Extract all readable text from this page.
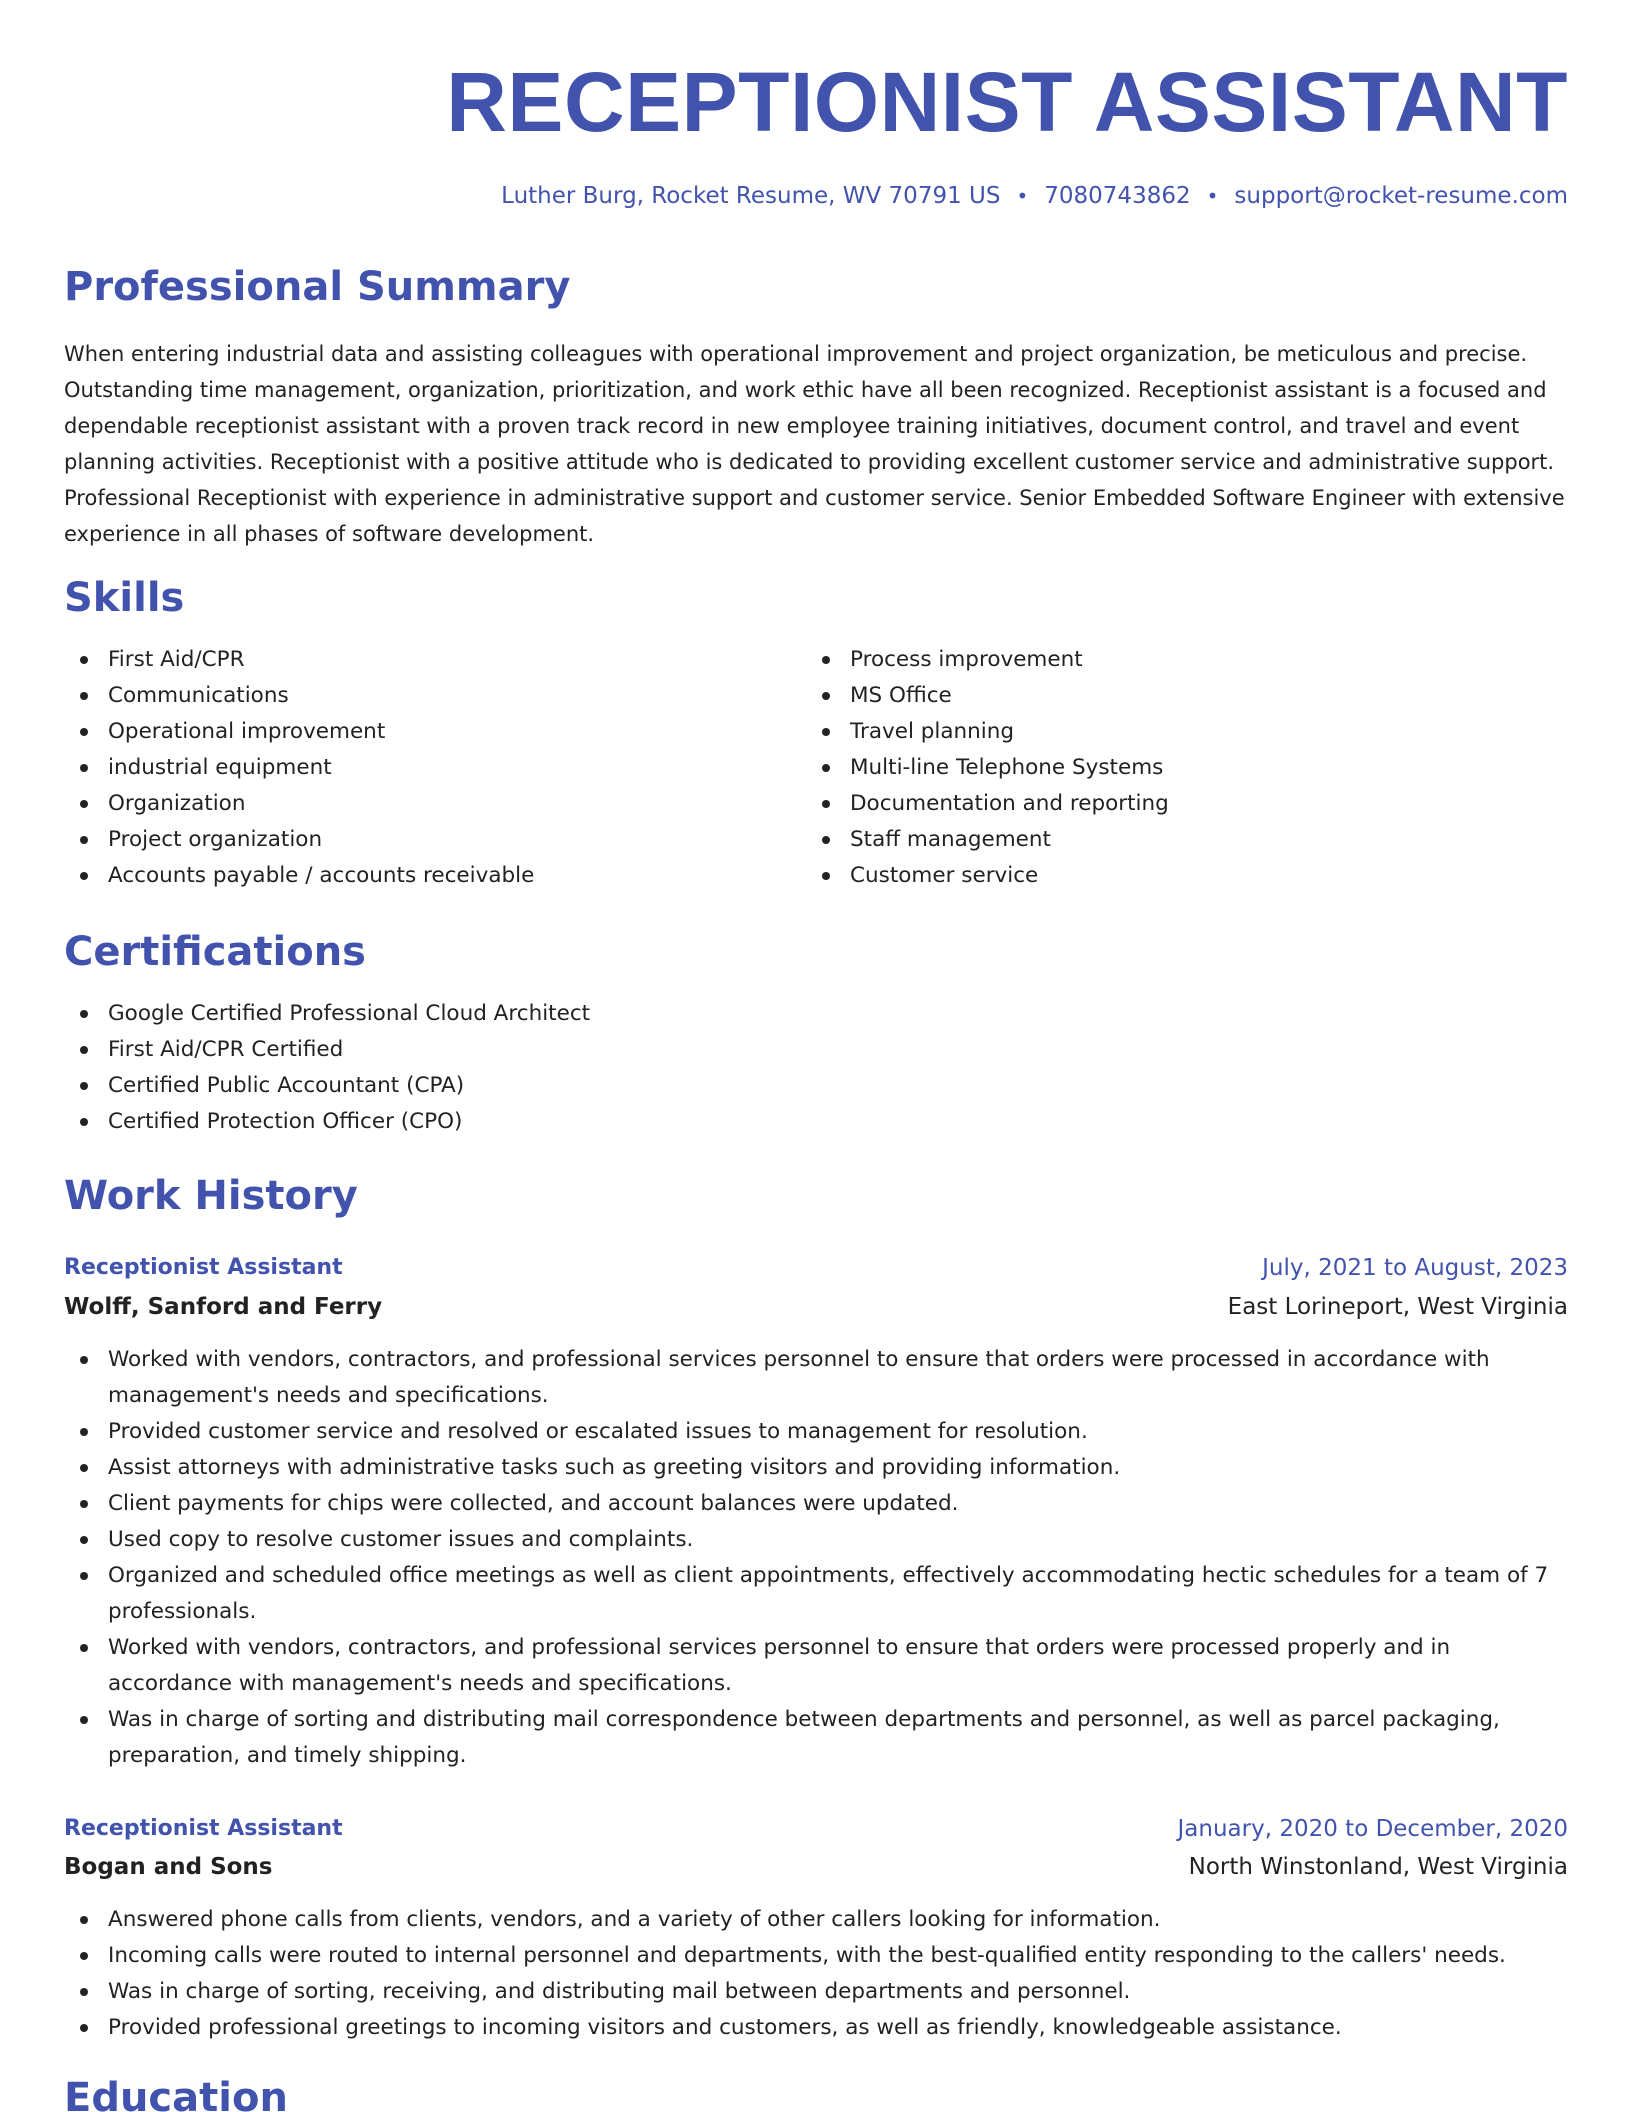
RECEPTIONIST ASSISTANT
Luther Burg, Rocket Resume, WV 70791 US • 7080743862 • support@rocket-resume.com
Professional Summary

When entering industrial data and assisting colleagues with operational improvement and project organization, be meticulous and precise. Outstanding time management, organization, prioritization, and work ethic have all been recognized. Receptionist assistant is a focused and dependable receptionist assistant with a proven track record in new employee training initiatives, document control, and travel and event planning activities. Receptionist with a positive attitude who is dedicated to providing excellent customer service and administrative support. Professional Receptionist with experience in administrative support and customer service. Senior Embedded Software Engineer with extensive experience in all phases of software development.

Skills
First Aid/CPR
Communications
Operational improvement
industrial equipment
Organization
Project organization
Accounts payable / accounts receivable
Process improvement
MS Office
Travel planning
Multi-line Telephone Systems
Documentation and reporting
Staff management
Customer service
Certifications
Google Certified Professional Cloud Architect
First Aid/CPR Certified
Certified Public Accountant (CPA)
Certified Protection Officer (CPO)
Work History
Receptionist Assistant	July, 2021 to August, 2023
Wolff, Sanford and Ferry	East Lorineport, West Virginia
Worked with vendors, contractors, and professional services personnel to ensure that orders were processed in accordance with management's needs and specifications.
Provided customer service and resolved or escalated issues to management for resolution.
Assist attorneys with administrative tasks such as greeting visitors and providing information.
Client payments for chips were collected, and account balances were updated.
Used copy to resolve customer issues and complaints.
Organized and scheduled office meetings as well as client appointments, effectively accommodating hectic schedules for a team of 7 professionals.
Worked with vendors, contractors, and professional services personnel to ensure that orders were processed properly and in accordance with management's needs and specifications.
Was in charge of sorting and distributing mail correspondence between departments and personnel, as well as parcel packaging, preparation, and timely shipping.
Receptionist Assistant	January, 2020 to December, 2020
Bogan and Sons	North Winstonland, West Virginia
Answered phone calls from clients, vendors, and a variety of other callers looking for information.
Incoming calls were routed to internal personnel and departments, with the best-qualified entity responding to the callers' needs.
Was in charge of sorting, receiving, and distributing mail between departments and personnel.
Provided professional greetings to incoming visitors and customers, as well as friendly, knowledgeable assistance.
Education
